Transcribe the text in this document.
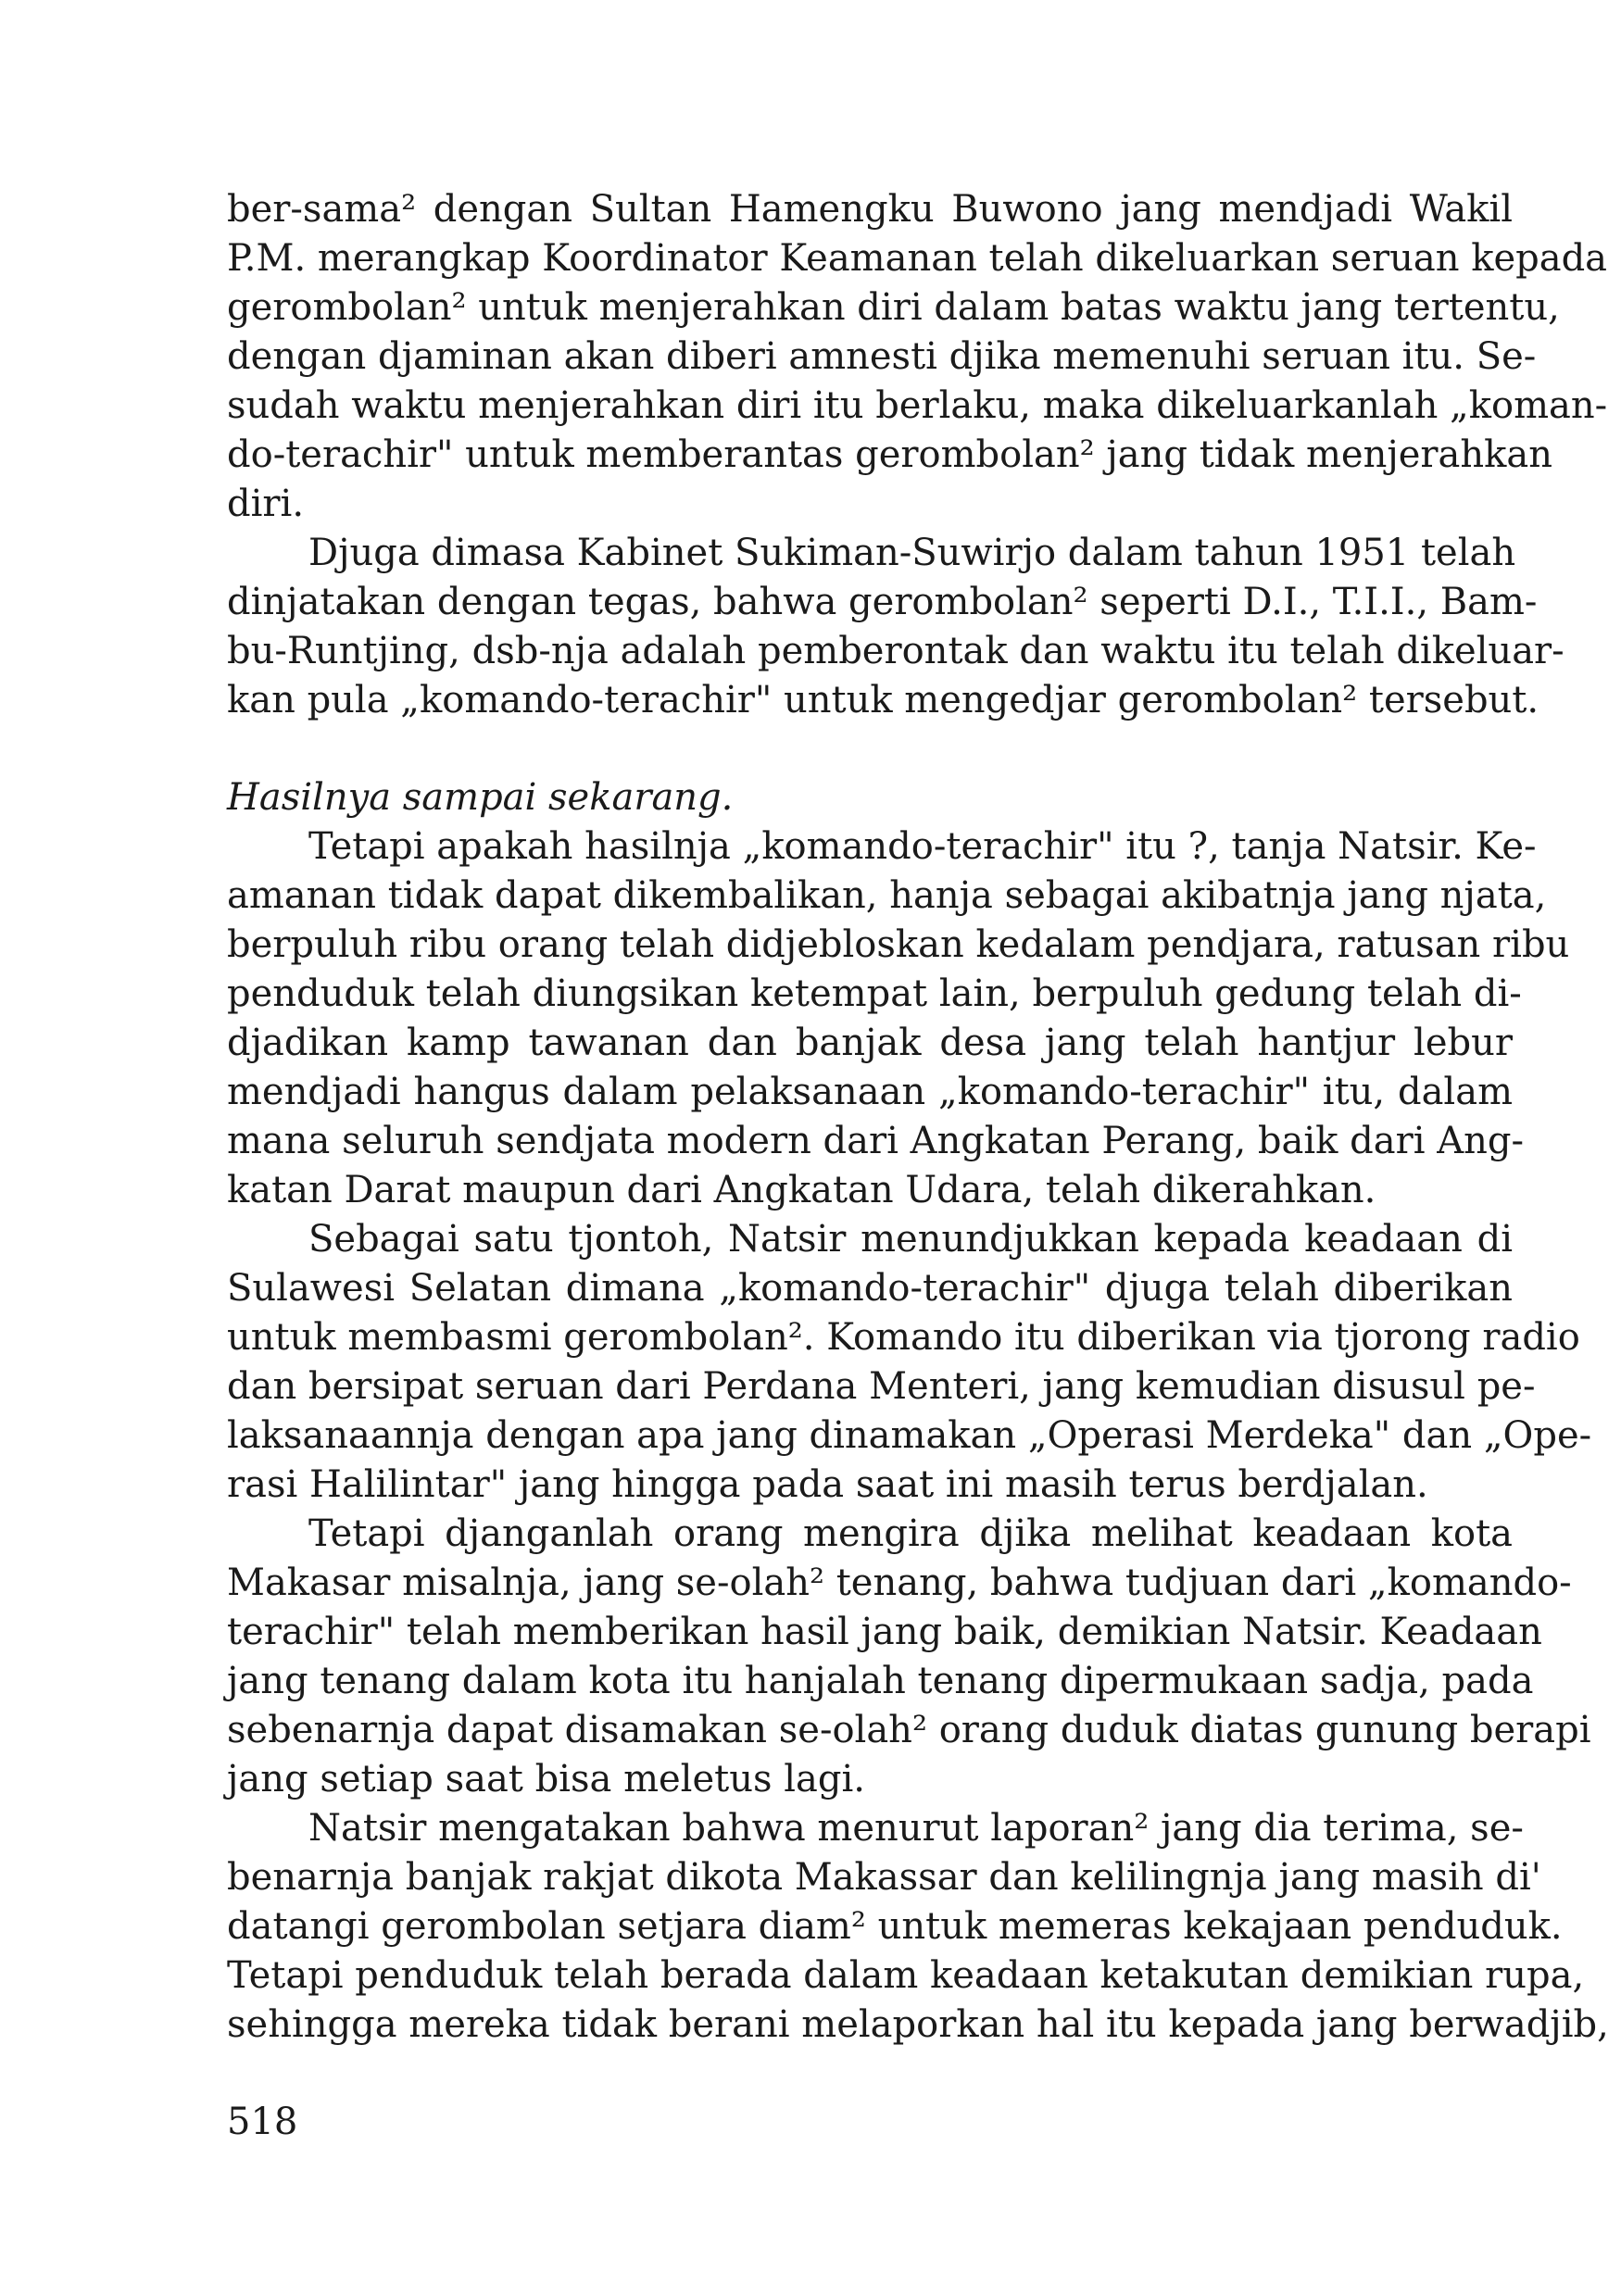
ber-sama² dengan Sultan Hamengku Buwono jang mendjadi Wakil
P.M. merangkap Koordinator Keamanan telah dikeluarkan seruan kepada
gerombolan² untuk menjerahkan diri dalam batas waktu jang tertentu,
dengan djaminan akan diberi amnesti djika memenuhi seruan itu. Se-
sudah waktu menjerahkan diri itu berlaku, maka dikeluarkanlah „koman-
do-terachir" untuk memberantas gerombolan² jang tidak menjerahkan
diri.

Djuga dimasa Kabinet Sukiman-Suwirjo dalam tahun 1951 telah
dinjatakan dengan tegas, bahwa gerombolan² seperti D.I., T.I.I., Bam-
bu-Runtjing, dsb-nja adalah pemberontak dan waktu itu telah dikeluar-
kan pula „komando-terachir" untuk mengedjar gerombolan² tersebut.

Hasilnya sampai sekarang.

Tetapi apakah hasilnja „komando-terachir" itu ?, tanja Natsir. Ke-
amanan tidak dapat dikembalikan, hanja sebagai akibatnja jang njata,
berpuluh ribu orang telah didjebloskan kedalam pendjara, ratusan ribu
penduduk telah diungsikan ketempat lain, berpuluh gedung telah di-
djadikan kamp tawanan dan banjak desa jang telah hantjur lebur
mendjadi hangus dalam pelaksanaan „komando-terachir" itu, dalam
mana seluruh sendjata modern dari Angkatan Perang, baik dari Ang-
katan Darat maupun dari Angkatan Udara, telah dikerahkan.

Sebagai satu tjontoh, Natsir menundjukkan kepada keadaan di
Sulawesi Selatan dimana „komando-terachir" djuga telah diberikan
untuk membasmi gerombolan². Komando itu diberikan via tjorong radio
dan bersipat seruan dari Perdana Menteri, jang kemudian disusul pe-
laksanaannja dengan apa jang dinamakan „Operasi Merdeka" dan „Ope-
rasi Halilintar" jang hingga pada saat ini masih terus berdjalan.

Tetapi djanganlah orang mengira djika melihat keadaan kota
Makasar misalnja, jang se-olah² tenang, bahwa tudjuan dari „komando-
terachir" telah memberikan hasil jang baik, demikian Natsir. Keadaan
jang tenang dalam kota itu hanjalah tenang dipermukaan sadja, pada
sebenarnja dapat disamakan se-olah² orang duduk diatas gunung berapi
jang setiap saat bisa meletus lagi.

Natsir mengatakan bahwa menurut laporan² jang dia terima, se-
benarnja banjak rakjat dikota Makassar dan kelilingnja jang masih di'
datangi gerombolan setjara diam² untuk memeras kekajaan penduduk.
Tetapi penduduk telah berada dalam keadaan ketakutan demikian rupa,
sehingga mereka tidak berani melaporkan hal itu kepada jang berwadjib,

518
